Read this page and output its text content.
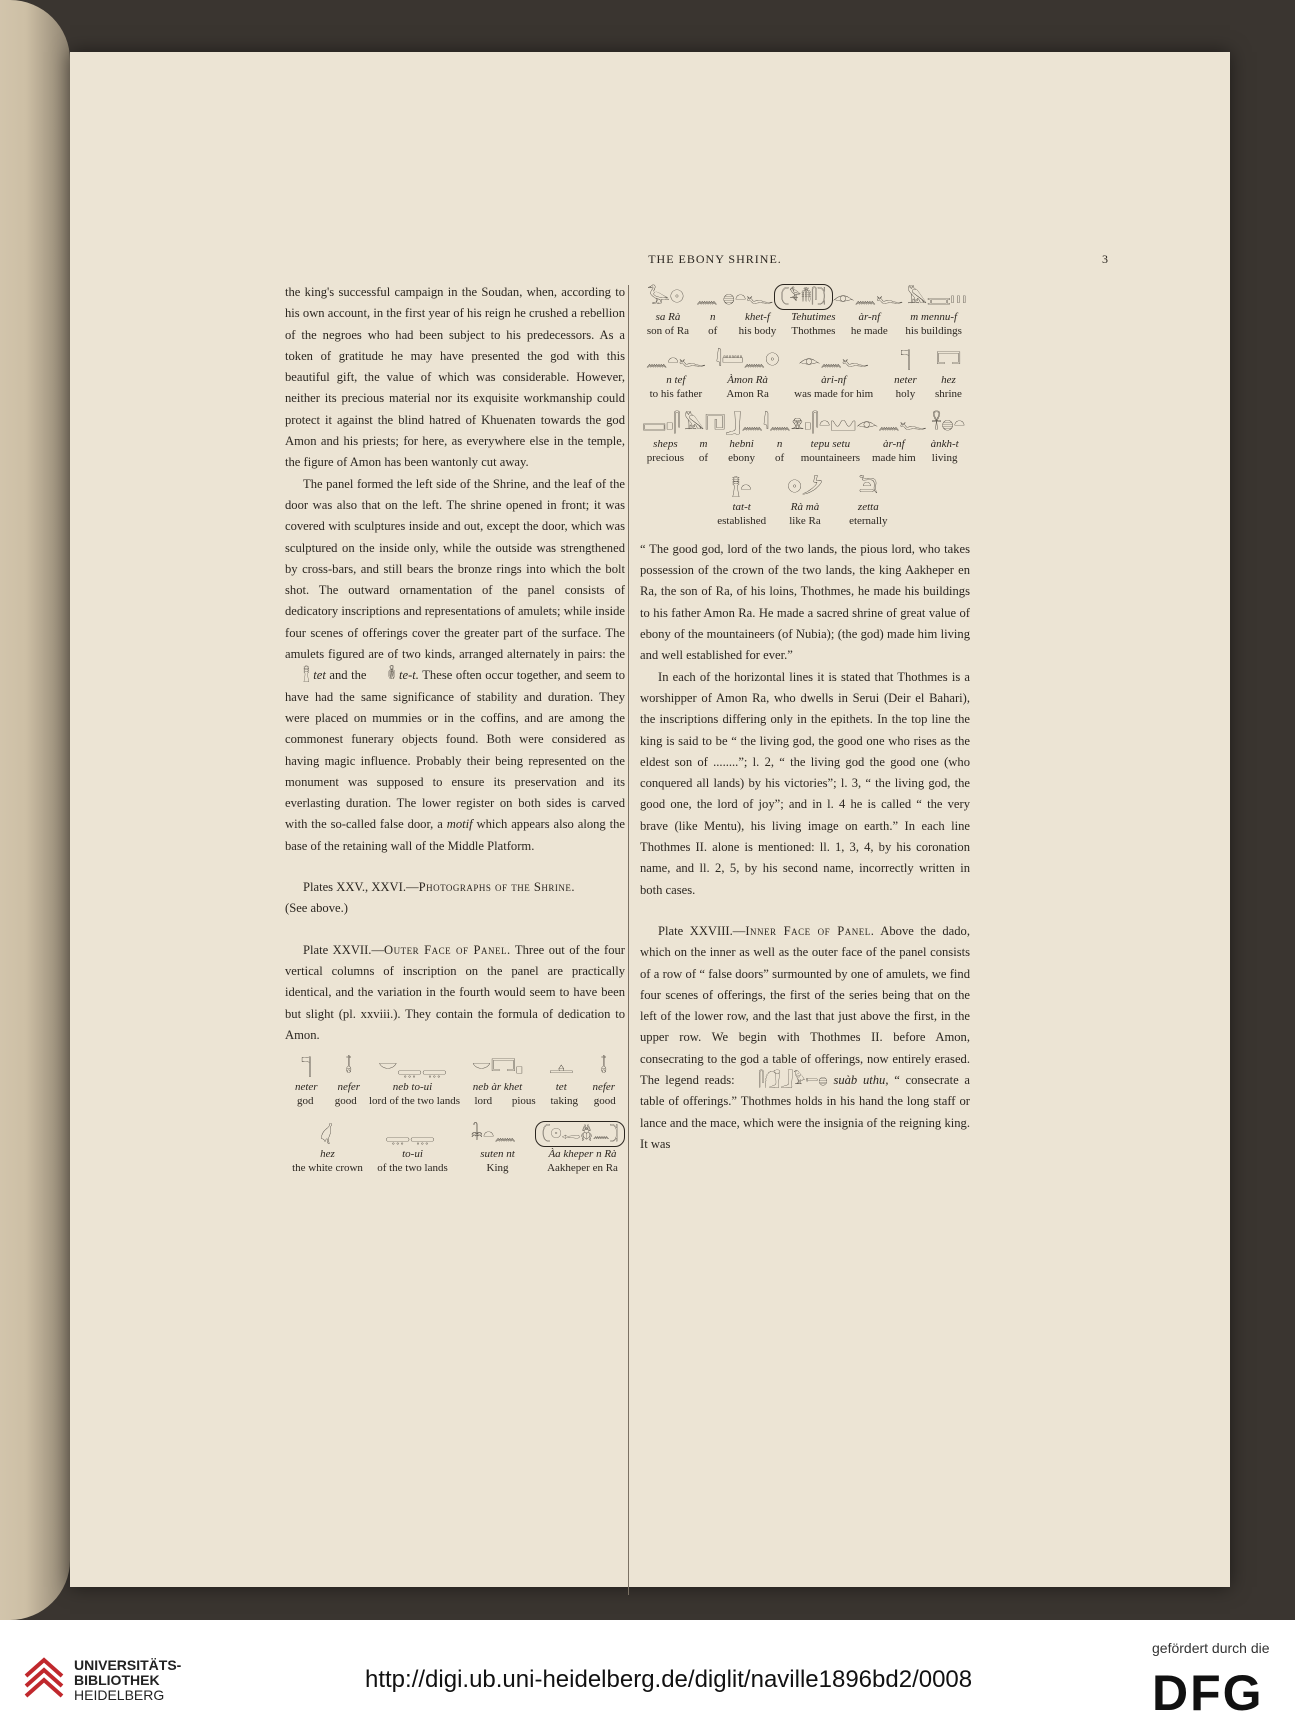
THE EBONY SHRINE.	3

the king's successful campaign in the Soudan, when, according to his own account, in the first year of his reign he crushed a rebellion of the negroes who had been subject to his predecessors. As a token of gratitude he may have presented the god with this beautiful gift, the value of which was considerable. However, neither its precious material nor its exquisite workmanship could protect it against the blind hatred of Khuenaten towards the god Amon and his priests; for here, as everywhere else in the temple, the figure of Amon has been wantonly cut away.

The panel formed the left side of the Shrine, and the leaf of the door was also that on the left. The shrine opened in front; it was covered with sculptures inside and out, except the door, which was sculptured on the inside only, while the outside was strengthened by cross-bars, and still bears the bronze rings into which the bolt shot. The outward ornamentation of the panel consists of dedicatory inscriptions and representations of amulets; while inside four scenes of offerings cover the greater part of the surface. The amulets figured are of two kinds, arranged alternately in pairs: the 𓊽 tet and the 𓎬 te-t. These often occur together, and seem to have had the same significance of stability and duration. They were placed on mummies or in the coffins, and are among the commonest funerary objects found. Both were considered as having magic influence. Probably their being represented on the monument was supposed to ensure its preservation and its everlasting duration. The lower register on both sides is carved with the so-called false door, a motif which appears also along the base of the retaining wall of the Middle Platform.

Plates XXV., XXVI.—Photographs of the Shrine.

(See above.)

Plate XXVII.—Outer Face of Panel. Three out of the four vertical columns of inscription on the panel are practically identical, and the variation in the fourth would seem to have been but slight (pl. xxviii.). They contain the formula of dedication to Amon.

𓊹	𓄤	𓎟𓇾𓇾	𓎟𓉐𓊪	𓊵	𓄤
neter	nefer	neb to-ui	neb àr khet	tet	nefer
god	good	lord of the two lands	lord	pious	taking	good
𓋑	𓇾𓇾	𓇓𓏏𓈖	𓍹𓇳𓉻𓆣𓈖𓍺
hez	to-ui	suten nt	Àa kheper n Rà
the white crown	of the two lands	King	Aakheper en Ra
𓅭𓇳 𓈖 𓐍𓏏𓆑 𓍹𓅝𓄟𓋴𓍺 𓁹𓈖𓆑 𓅓𓈘𓏥
sa Rà	n	khet-f	Tehutimes	àr-nf	m mennu-f
son of Ra	of	his body	Thothmes	he made	his buildings
𓈖𓏏𓆑 𓇋𓏠𓈖𓇳	𓁹𓈖𓆑	𓊹	𓉐
n tef	Àmon Rà	àri-nf	neter	hez
to his father	Amon Ra	was made for him	holy	shrine
𓈙𓊪𓋴 𓅓 𓉔𓃀𓈖𓇋 𓈖 𓁷𓊪𓋴𓏏𓈉 𓁹𓈖𓆑 𓋹𓐍𓏏
sheps	m	hebni	n	tepu setu	àr-nf	ànkh-t
precious	of	ebony	of	mountaineers	made him	living
𓊽𓏏	𓇳𓌳	𓆖
tat-t	Rà mà	zetta
established	like Ra	eternally

“ The good god, lord of the two lands, the pious lord, who takes possession of the crown of the two lands, the king Aakheper en Ra, the son of Ra, of his loins, Thothmes, he made his buildings to his father Amon Ra. He made a sacred shrine of great value of ebony of the mountaineers (of Nubia); (the god) made him living and well established for ever.”

In each of the horizontal lines it is stated that Thothmes is a worshipper of Amon Ra, who dwells in Serui (Deir el Bahari), the inscriptions differing only in the epithets. In the top line the king is said to be “ the living god, the good one who rises as the eldest son of ........”; l. 2, “ the living god the good one (who conquered all lands) by his victories”; l. 3, “ the living god, the good one, the lord of joy”; and in l. 4 he is called “ the very brave (like Mentu), his living image on earth.” In each line Thothmes II. alone is mentioned: ll. 1, 3, 4, by his coronation name, and ll. 2, 5, by his second name, incorrectly written in both cases.

Plate XXVIII.—Inner Face of Panel. Above the dado, which on the inner as well as the outer face of the panel consists of a row of “ false doors” surmounted by one of amulets, we find four scenes of offerings, the first of the series being that on the left of the lower row, and the last that just above the first, in the upper row. We begin with Thothmes II. before Amon, consecrating to the god a table of offerings, now entirely erased. The legend reads: 𓋴𓃂𓃀𓅱𓍿𓐍 suàb uthu, “ consecrate a table of offerings.” Thothmes holds in his hand the long staff or lance and the mace, which were the insignia of the reigning king. It was

UNIVERSITÄTS-
BIBLIOTHEK
HEIDELBERG
http://digi.ub.uni-heidelberg.de/diglit/naville1896bd2/0008
gefördert durch die
DFG
